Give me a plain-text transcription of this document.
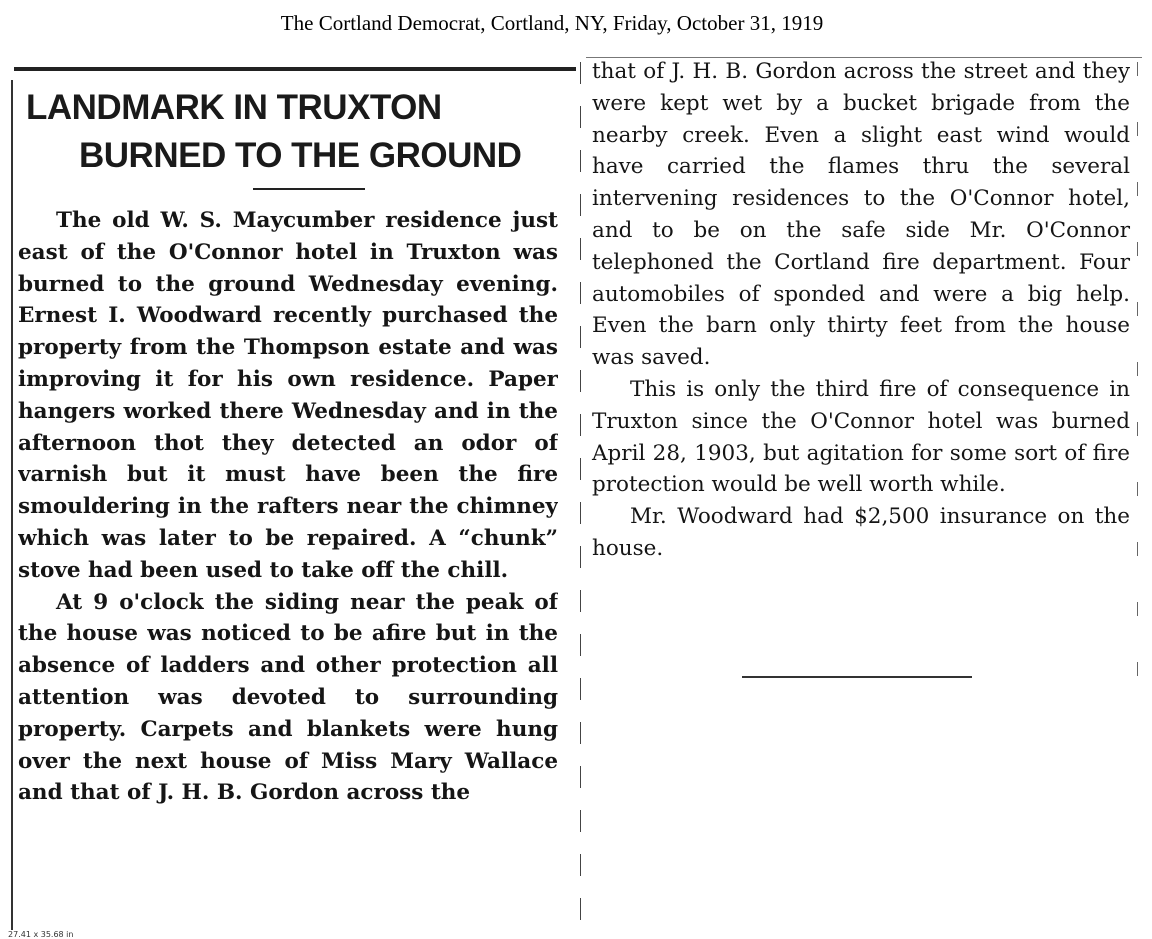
The Cortland Democrat, Cortland, NY, Friday, October 31, 1919
LANDMARK IN TRUXTON
BURNED TO THE GROUND

The old W. S. Maycumber residence just east of the O'Connor hotel in Truxton was burned to the ground Wednesday evening. Ernest I. Woodward recently purchased the property from the Thompson estate and was improving it for his own residence. Paper hangers worked there Wednesday and in the afternoon thot they detected an odor of varnish but it must have been the fire smouldering in the rafters near the chimney which was later to be repaired. A “chunk” stove had been used to take off the chill.

At 9 o'clock the siding near the peak of the house was noticed to be afire but in the absence of ladders and other protection all attention was devoted to surrounding property. Carpets and blankets were hung over the next house of Miss Mary Wallace and that of J. H. B. Gordon across the

that of J. H. B. Gordon across the street and they were kept wet by a bucket brigade from the nearby creek. Even a slight east wind would have carried the flames thru the several intervening residences to the O'Connor hotel, and to be on the safe side Mr. O'Connor telephoned the Cortland fire department. Four automobiles of sponded and were a big help. Even the barn only thirty feet from the house was saved.

This is only the third fire of consequence in Truxton since the O'Connor hotel was burned April 28, 1903, but agitation for some sort of fire protection would be well worth while.

Mr. Woodward had $2,500 insurance on the house.

27.41 x 35.68 in
